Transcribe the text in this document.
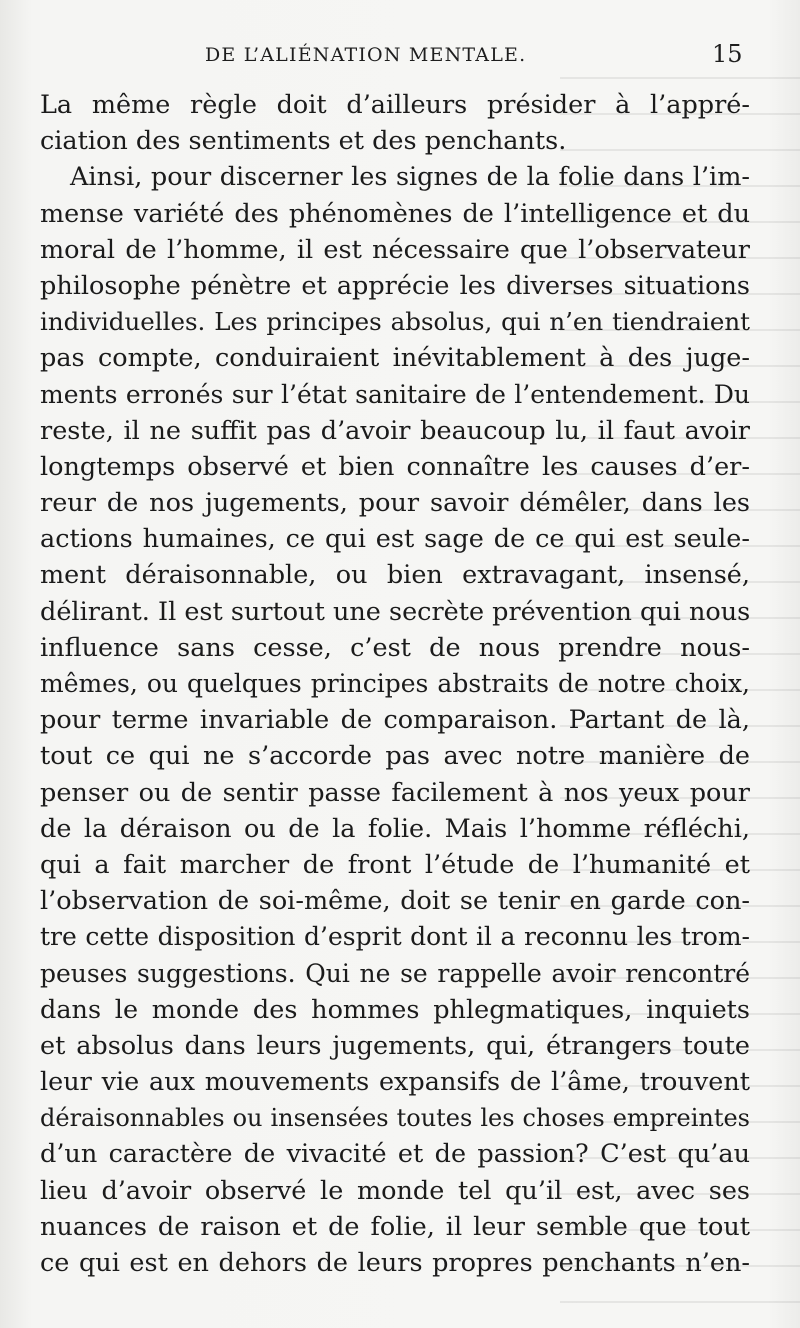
DE L’ALIÉNATION MENTALE.	15
La même règle doit d’ailleurs présider à l’appré-
ciation des sentiments et des penchants.
Ainsi, pour discerner les signes de la folie dans l’im-
mense variété des phénomènes de l’intelligence et du
moral de l’homme, il est nécessaire que l’observateur
philosophe pénètre et apprécie les diverses situations
individuelles. Les principes absolus, qui n’en tiendraient
pas compte, conduiraient inévitablement à des juge-
ments erronés sur l’état sanitaire de l’entendement. Du
reste, il ne suffit pas d’avoir beaucoup lu, il faut avoir
longtemps observé et bien connaître les causes d’er-
reur de nos jugements, pour savoir démêler, dans les
actions humaines, ce qui est sage de ce qui est seule-
ment déraisonnable, ou bien extravagant, insensé,
délirant. Il est surtout une secrète prévention qui nous
influence sans cesse, c’est de nous prendre nous-
mêmes, ou quelques principes abstraits de notre choix,
pour terme invariable de comparaison. Partant de là,
tout ce qui ne s’accorde pas avec notre manière de
penser ou de sentir passe facilement à nos yeux pour
de la déraison ou de la folie. Mais l’homme réfléchi,
qui a fait marcher de front l’étude de l’humanité et
l’observation de soi-même, doit se tenir en garde con-
tre cette disposition d’esprit dont il a reconnu les trom-
peuses suggestions. Qui ne se rappelle avoir rencontré
dans le monde des hommes phlegmatiques, inquiets
et absolus dans leurs jugements, qui, étrangers toute
leur vie aux mouvements expansifs de l’âme, trouvent
déraisonnables ou insensées toutes les choses empreintes
d’un caractère de vivacité et de passion? C’est qu’au
lieu d’avoir observé le monde tel qu’il est, avec ses
nuances de raison et de folie, il leur semble que tout
ce qui est en dehors de leurs propres penchants n’en-
